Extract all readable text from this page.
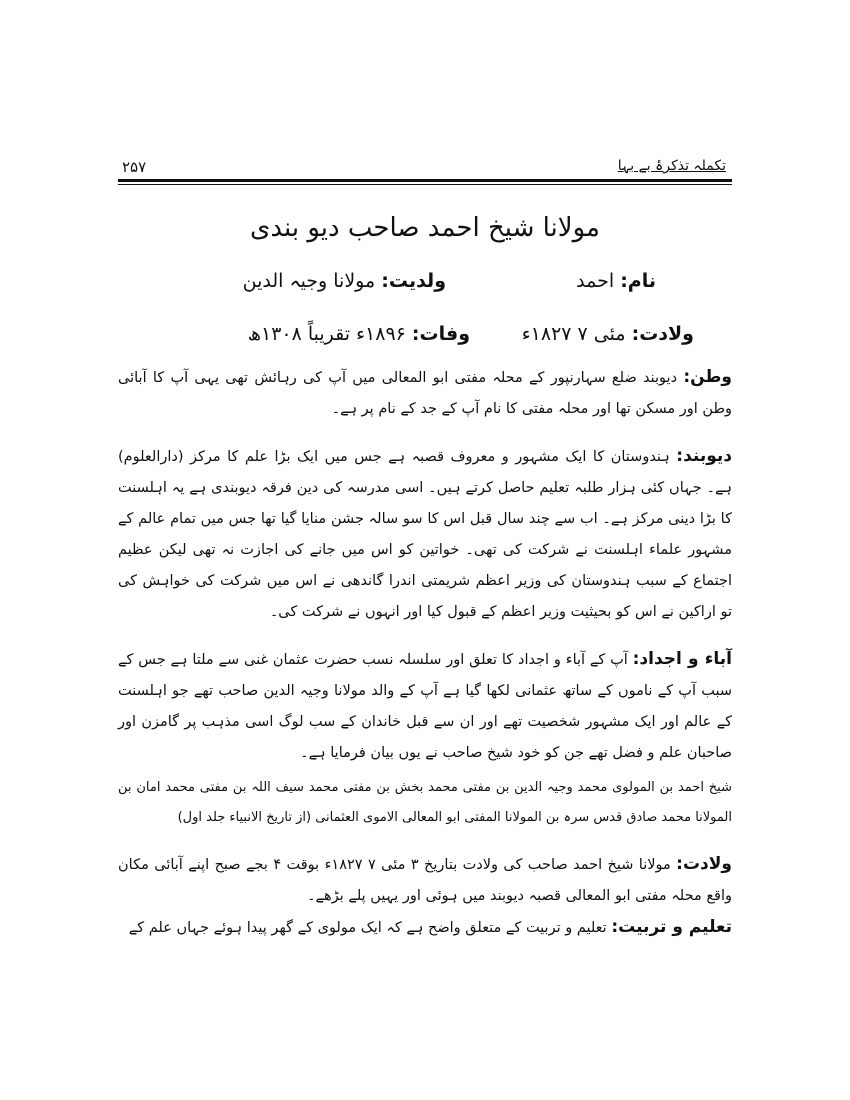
۲۵۷	تکملہ تذکرۂ بے بہا
مولانا شیخ احمد صاحب دیو بندی
نام: احمد
ولدیت: مولانا وجیہ الدین
ولادت: مئی ۷ ۱۸۲۷ء
وفات: ۱۸۹۶ء تقریباً ۱۳۰۸ھ

وطن: دیوبند ضلع سہارنپور کے محلہ مفتی ابو المعالی میں آپ کی رہائش تھی یہی آپ کا آبائی وطن اور مسکن تھا اور محلہ مفتی کا نام آپ کے جد کے نام پر ہے۔

دیوبند: ہندوستان کا ایک مشہور و معروف قصبہ ہے جس میں ایک بڑا علم کا مرکز (دارالعلوم) ہے۔ جہاں کئی ہزار طلبہ تعلیم حاصل کرتے ہیں۔ اسی مدرسہ کی دین فرقہ دیوبندی ہے یہ اہلسنت کا بڑا دینی مرکز ہے۔ اب سے چند سال قبل اس کا سو سالہ جشن منایا گیا تھا جس میں تمام عالم کے مشہور علماء اہلسنت نے شرکت کی تھی۔ خواتین کو اس میں جانے کی اجازت نہ تھی لیکن عظیم اجتماع کے سبب ہندوستان کی وزیر اعظم شریمتی اندرا گاندھی نے اس میں شرکت کی خواہش کی تو اراکین نے اس کو بحیثیت وزیر اعظم کے قبول کیا اور انہوں نے شرکت کی۔

آباء و اجداد: آپ کے آباء و اجداد کا تعلق اور سلسلہ نسب حضرت عثمان غنی سے ملتا ہے جس کے سبب آپ کے ناموں کے ساتھ عثمانی لکھا گیا ہے آپ کے والد مولانا وجیہ الدین صاحب تھے جو اہلسنت کے عالم اور ایک مشہور شخصیت تھے اور ان سے قبل خاندان کے سب لوگ اسی مذہب پر گامزن اور صاحبان علم و فضل تھے جن کو خود شیخ صاحب نے یوں بیان فرمایا ہے۔

شیخ احمد بن المولوی محمد وجیہ الدین بن مفتی محمد بخش بن مفتی محمد سیف اللہ بن مفتی محمد امان بن المولانا محمد صادق قدس سرہ بن المولانا المفتی ابو المعالی الاموی العثمانی (از تاریخ الانبیاء جلد اول)

ولادت: مولانا شیخ احمد صاحب کی ولادت بتاریخ ۳ مئی ۷ ۱۸۲۷ء بوقت ۴ بجے صبح اپنے آبائی مکان واقع محلہ مفتی ابو المعالی قصبہ دیوبند میں ہوئی اور یہیں پلے بڑھے۔

تعلیم و تربیت: تعلیم و تربیت کے متعلق واضح ہے کہ ایک مولوی کے گھر پیدا ہوئے جہاں علم کے
